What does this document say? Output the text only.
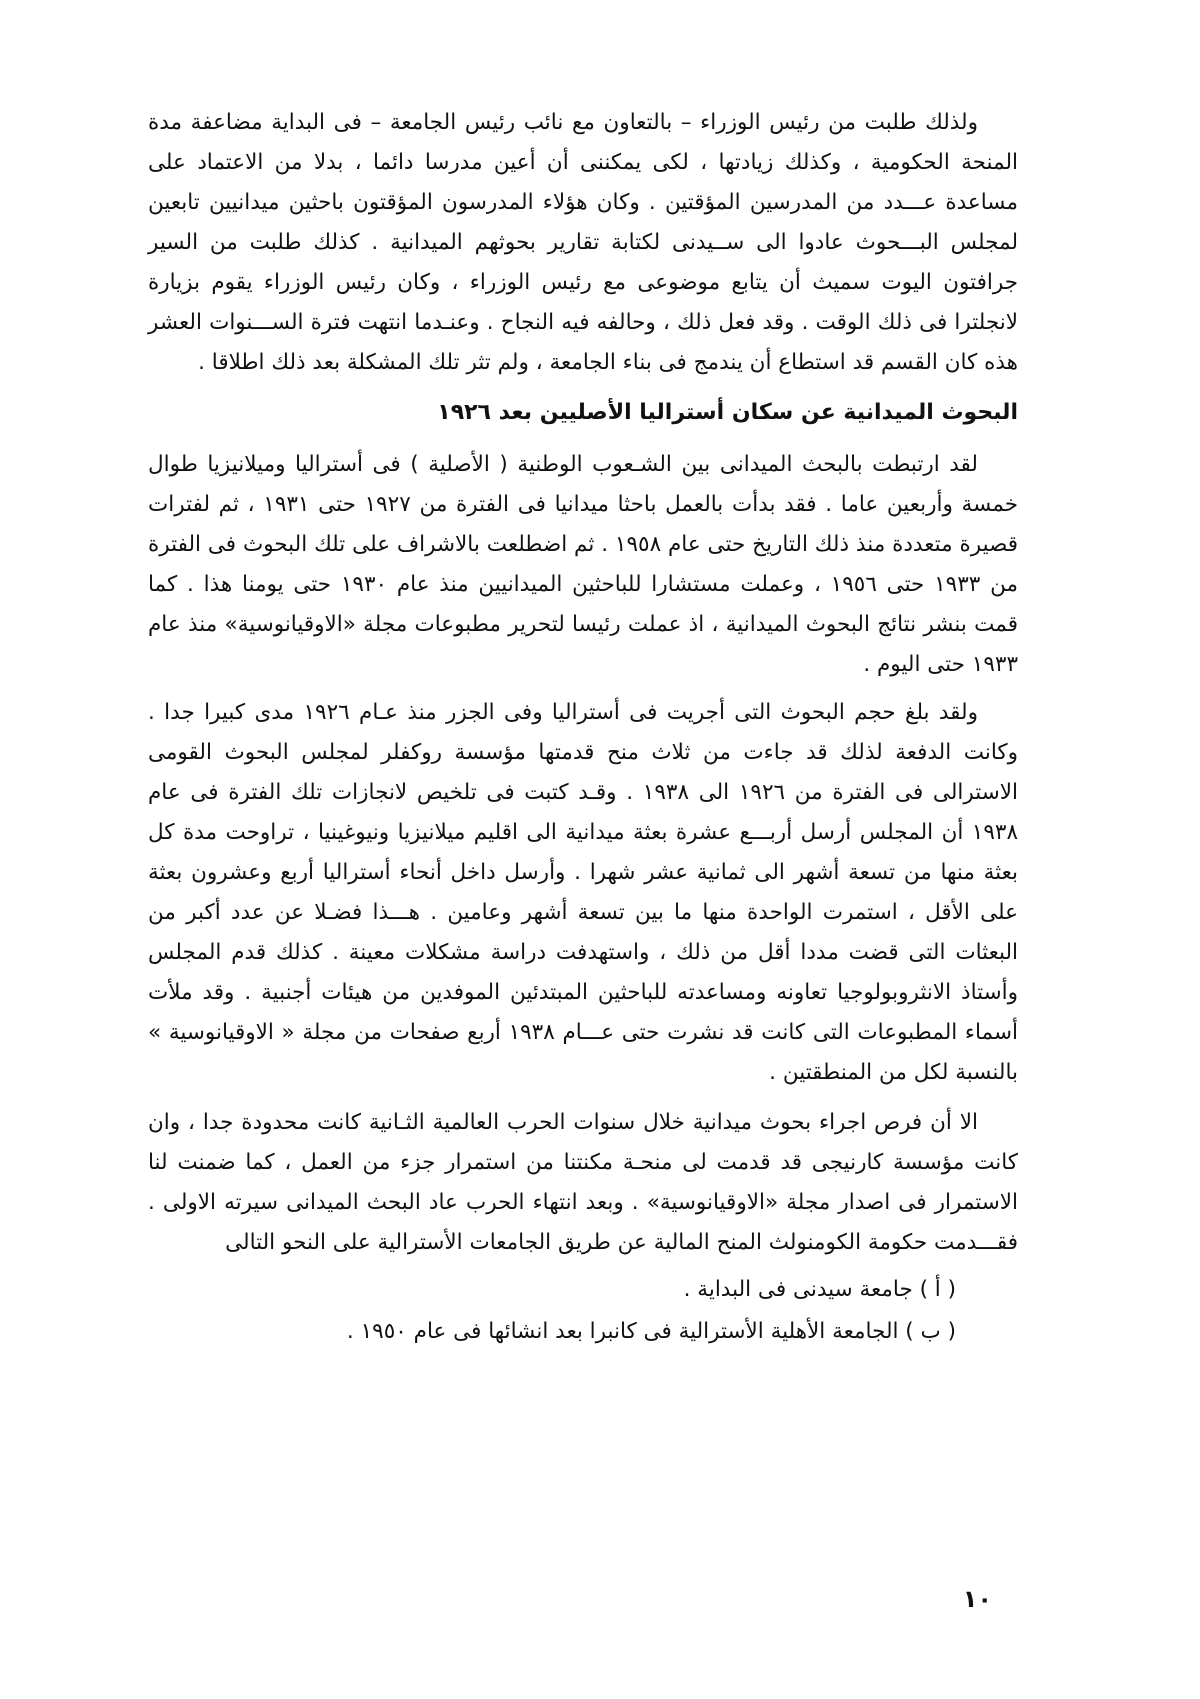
ولذلك طلبت من رئيس الوزراء – بالتعاون مع نائب رئيس الجامعة – فى البداية مضاعفة مدة المنحة الحكومية ، وكذلك زيادتها ، لكى يمكننى أن أعين مدرسا دائما ، بدلا من الاعتماد على مساعدة عـــدد من المدرسين المؤقتين . وكان هؤلاء المدرسون المؤقتون باحثين ميدانيين تابعين لمجلس البـــحوث عادوا الى ســيدنى لكتابة تقارير بحوثهم الميدانية . كذلك طلبت من السير جرافتون اليوت سميث أن يتابع موضوعى مع رئيس الوزراء ، وكان رئيس الوزراء يقوم بزيارة لانجلترا فى ذلك الوقت . وقد فعل ذلك ، وحالفه فيه النجاح . وعنـدما انتهت فترة الســـنوات العشر هذه كان القسم قد استطاع أن يندمج فى بناء الجامعة ، ولم تثر تلك المشكلة بعد ذلك اطلاقا .

البحوث الميدانية عن سكان أستراليا الأصليين بعد ١٩٢٦

لقد ارتبطت بالبحث الميدانى بين الشـعوب الوطنية ( الأصلية ) فى أستراليا وميلانيزيا طوال خمسة وأربعين عاما . فقد بدأت بالعمل باحثا ميدانيا فى الفترة من ١٩٢٧ حتى ١٩٣١ ، ثم لفترات قصيرة متعددة منذ ذلك التاريخ حتى عام ١٩٥٨ . ثم اضطلعت بالاشراف على تلك البحوث فى الفترة من ١٩٣٣ حتى ١٩٥٦ ، وعملت مستشارا للباحثين الميدانيين منذ عام ١٩٣٠ حتى يومنا هذا . كما قمت بنشر نتائج البحوث الميدانية ، اذ عملت رئيسا لتحرير مطبوعات مجلة «الاوقيانوسية» منذ عام ١٩٣٣ حتى اليوم .

ولقد بلغ حجم البحوث التى أجريت فى أستراليا وفى الجزر منذ عـام ١٩٢٦ مدى كبيرا جدا . وكانت الدفعة لذلك قد جاءت من ثلاث منح قدمتها مؤسسة روكفلر لمجلس البحوث القومى الاسترالى فى الفترة من ١٩٢٦ الى ١٩٣٨ . وقـد كتبت فى تلخيص لانجازات تلك الفترة فى عام ١٩٣٨ أن المجلس أرسل أربـــع عشرة بعثة ميدانية الى اقليم ميلانيزيا ونيوغينيا ، تراوحت مدة كل بعثة منها من تسعة أشهر الى ثمانية عشر شهرا . وأرسل داخل أنحاء أستراليا أربع وعشرون بعثة على الأقل ، استمرت الواحدة منها ما بين تسعة أشهر وعامين . هـــذا فضـلا عن عدد أكبر من البعثات التى قضت مددا أقل من ذلك ، واستهدفت دراسة مشكلات معينة . كذلك قدم المجلس وأستاذ الانثروبولوجيا تعاونه ومساعدته للباحثين المبتدئين الموفدين من هيئات أجنبية . وقد ملأت أسماء المطبوعات التى كانت قد نشرت حتى عـــام ١٩٣٨ أربع صفحات من مجلة « الاوقيانوسية » بالنسبة لكل من المنطقتين .

الا أن فرص اجراء بحوث ميدانية خلال سنوات الحرب العالمية الثـانية كانت محدودة جدا ، وان كانت مؤسسة كارنيجى قد قدمت لى منحـة مكنتنا من استمرار جزء من العمل ، كما ضمنت لنا الاستمرار فى اصدار مجلة «الاوقيانوسية» . وبعد انتهاء الحرب عاد البحث الميدانى سيرته الاولى . فقـــدمت حكومة الكومنولث المنح المالية عن طريق الجامعات الأسترالية على النحو التالى

( أ ) جامعة سيدنى فى البداية .
( ب ) الجامعة الأهلية الأسترالية فى كانبرا بعد انشائها فى عام ١٩٥٠ .
١٠
